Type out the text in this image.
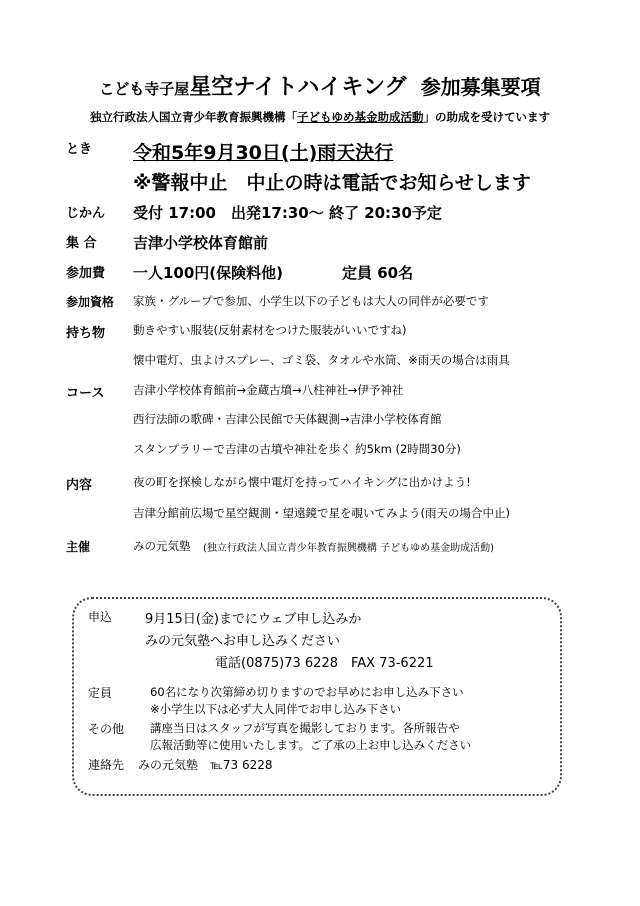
こども寺子屋星空ナイトハイキング 参加募集要項
独立行政法人国立青少年教育振興機構「子どもゆめ基金助成活動」の助成を受けています
とき 令和5年9月30日(土)雨天決行
※警報中止　中止の時は電話でお知らせします
じかん 受付 17:00　出発17:30～ 終了 20:30予定
集 合 吉津小学校体育館前
参加費 一人100円(保険料他)	定員 60名
参加資格 家族・グループで参加、小学生以下の子どもは大人の同伴が必要です
持ち物 動きやすい服装(反射素材をつけた服装がいいですね)
懐中電灯、虫よけスプレー、ゴミ袋、タオルや水筒、※雨天の場合は雨具
コース 吉津小学校体育館前→金蔵古墳→八柱神社→伊予神社
西行法師の歌碑・吉津公民館で天体観測→吉津小学校体育館
スタンプラリーで吉津の古墳や神社を歩く 約5km (2時間30分)
内容	夜の町を探検しながら懐中電灯を持ってハイキングに出かけよう!
吉津分館前広場で星空観測・望遠鏡で星を覗いてみよう(雨天の場合中止)
主催	みの元気塾 (独立行政法人国立青少年教育振興機構 子どもゆめ基金助成活動)
申込	9月15日(金)までにウェブ申し込みか
みの元気塾へお申し込みください
電話(0875)73 6228　FAX 73-6221
定員	60名になり次第締め切りますのでお早めにお申し込み下さい
※小学生以下は必ず大人同伴でお申し込み下さい
その他 講座当日はスタッフが写真を撮影しております。各所報告や
広報活動等に使用いたします。ご了承の上お申し込みください
連絡先 みの元気塾　℡73 6228
